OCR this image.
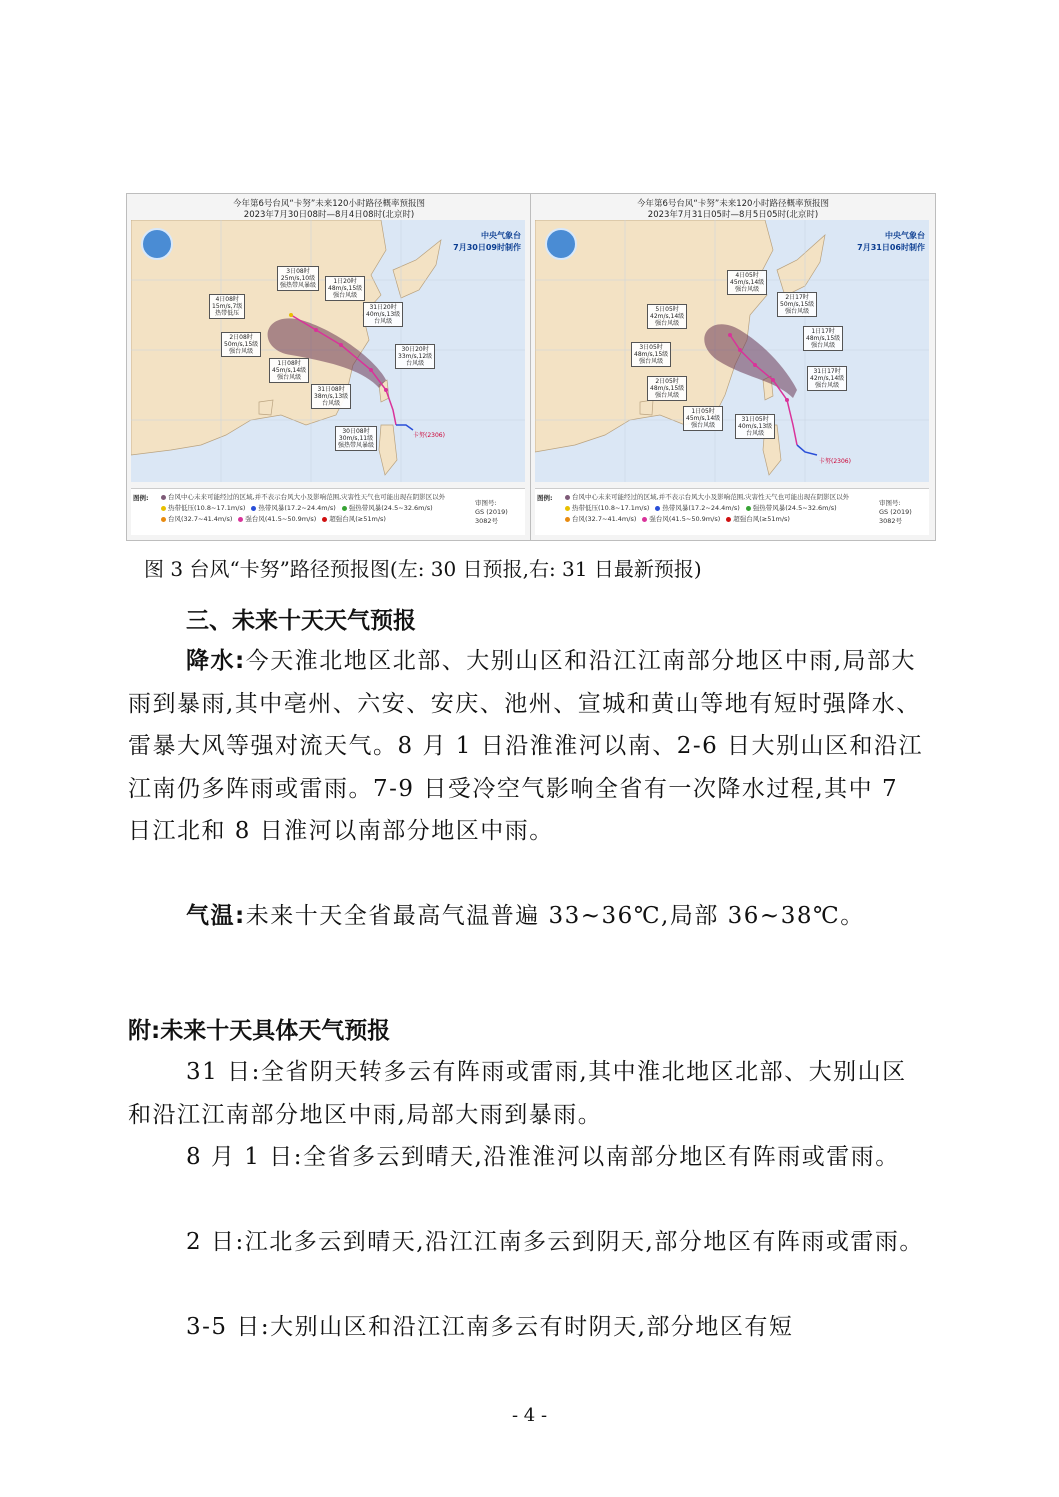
今年第6号台风“卡努”未来120小时路径概率预报图
2023年7月30日08时—8月4日08时(北京时)
中央气象台
7月30日09时制作
3日08时
25m/s,10级
强热带风暴级
1日20时
48m/s,15级
强台风级
4日08时
15m/s,7级
热带低压
31日20时
40m/s,13级
台风级
2日08时
50m/s,15级
强台风级	30日20时
33m/s,12级
台风级
1日08时
45m/s,14级
强台风级
31日08时
38m/s,13级
台风级
30日08时
30m/s,11级
强热带风暴级
卡努(2306)
图例:	台风中心未来可能经过的区域,并不表示台风大小及影响范围,灾害性天气也可能出现在阴影区以外
热带低压(10.8~17.1m/s) 热带风暴(17.2~24.4m/s) 强热带风暴(24.5~32.6m/s)
台风(32.7~41.4m/s) 强台风(41.5~50.9m/s) 超强台风(≥51m/s)
审图号:
GS (2019) 3082号
今年第6号台风“卡努”未来120小时路径概率预报图
2023年7月31日05时—8月5日05时(北京时)
中央气象台
7月31日06时制作
4日05时
45m/s,14级
强台风级
2日17时
50m/s,15级
强台风级
5日05时
42m/s,14级
强台风级
1日17时
48m/s,15级
强台风级
3日05时
48m/s,15级
强台风级
31日17时
42m/s,14级
强台风级
2日05时
48m/s,15级
强台风级
1日05时
45m/s,14级
强台风级
31日05时
40m/s,13级
台风级
卡努(2306)
图例:	台风中心未来可能经过的区域,并不表示台风大小及影响范围,灾害性天气也可能出现在阴影区以外
热带低压(10.8~17.1m/s) 热带风暴(17.2~24.4m/s) 强热带风暴(24.5~32.6m/s)
台风(32.7~41.4m/s) 强台风(41.5~50.9m/s) 超强台风(≥51m/s)
审图号:
GS (2019) 3082号
图 3 台风“卡努”路径预报图(左: 30 日预报,右: 31 日最新预报)
三、未来十天天气预报

降水:今天淮北地区北部、大别山区和沿江江南部分地区中雨,局部大雨到暴雨,其中亳州、六安、安庆、池州、宣城和黄山等地有短时强降水、雷暴大风等强对流天气。8 月 1 日沿淮淮河以南、2-6 日大别山区和沿江江南仍多阵雨或雷雨。7-9 日受冷空气影响全省有一次降水过程,其中 7 日江北和 8 日淮河以南部分地区中雨。

气温:未来十天全省最高气温普遍 33~36℃,局部 36~38℃。

附:未来十天具体天气预报

31 日:全省阴天转多云有阵雨或雷雨,其中淮北地区北部、大别山区和沿江江南部分地区中雨,局部大雨到暴雨。

8 月 1 日:全省多云到晴天,沿淮淮河以南部分地区有阵雨或雷雨。

2 日:江北多云到晴天,沿江江南多云到阴天,部分地区有阵雨或雷雨。

3-5 日:大别山区和沿江江南多云有时阴天,部分地区有短

- 4 -
